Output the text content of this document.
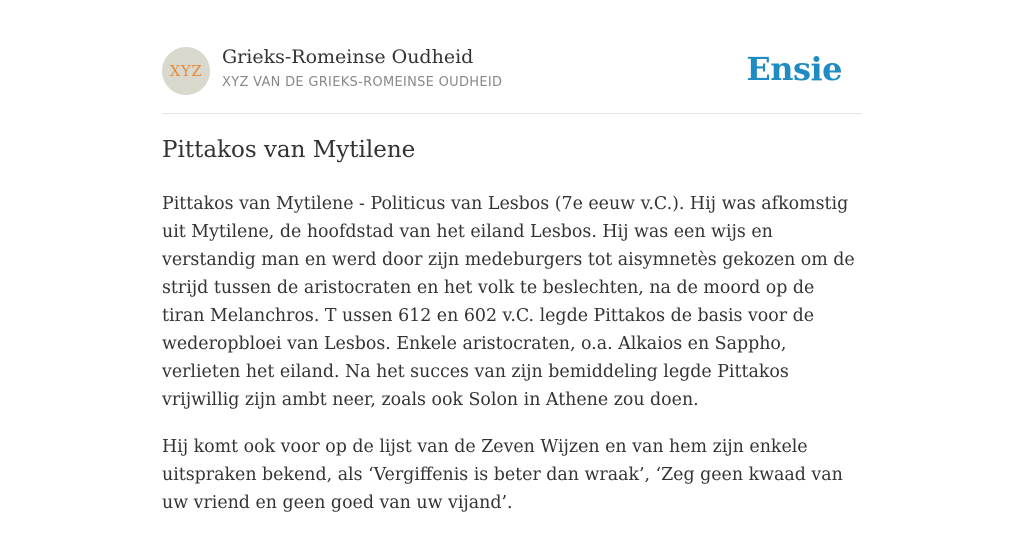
XYZ
Grieks-Romeinse Oudheid
XYZ VAN DE GRIEKS-ROMEINSE OUDHEID	Ensie
Pittakos van Mytilene

Pittakos van Mytilene - Politicus van Lesbos (7e eeuw v.C.). Hij was afkomstig uit Mytilene, de hoofdstad van het eiland Lesbos. Hij was een wijs en verstandig man en werd door zijn medeburgers tot aisymnetès gekozen om de strijd tussen de aristocraten en het volk te beslechten, na de moord op de tiran Melanchros. T ussen 612 en 602 v.C. legde Pittakos de basis voor de wederopbloei van Lesbos. Enkele aristocraten, o.a. Alkaios en Sappho, verlieten het eiland. Na het succes van zijn bemiddeling legde Pittakos vrijwillig zijn ambt neer, zoals ook Solon in Athene zou doen.

Hij komt ook voor op de lijst van de Zeven Wijzen en van hem zijn enkele uitspraken bekend, als ‘Vergiffenis is beter dan wraak’, ‘Zeg geen kwaad van uw vriend en geen goed van uw vijand’.
